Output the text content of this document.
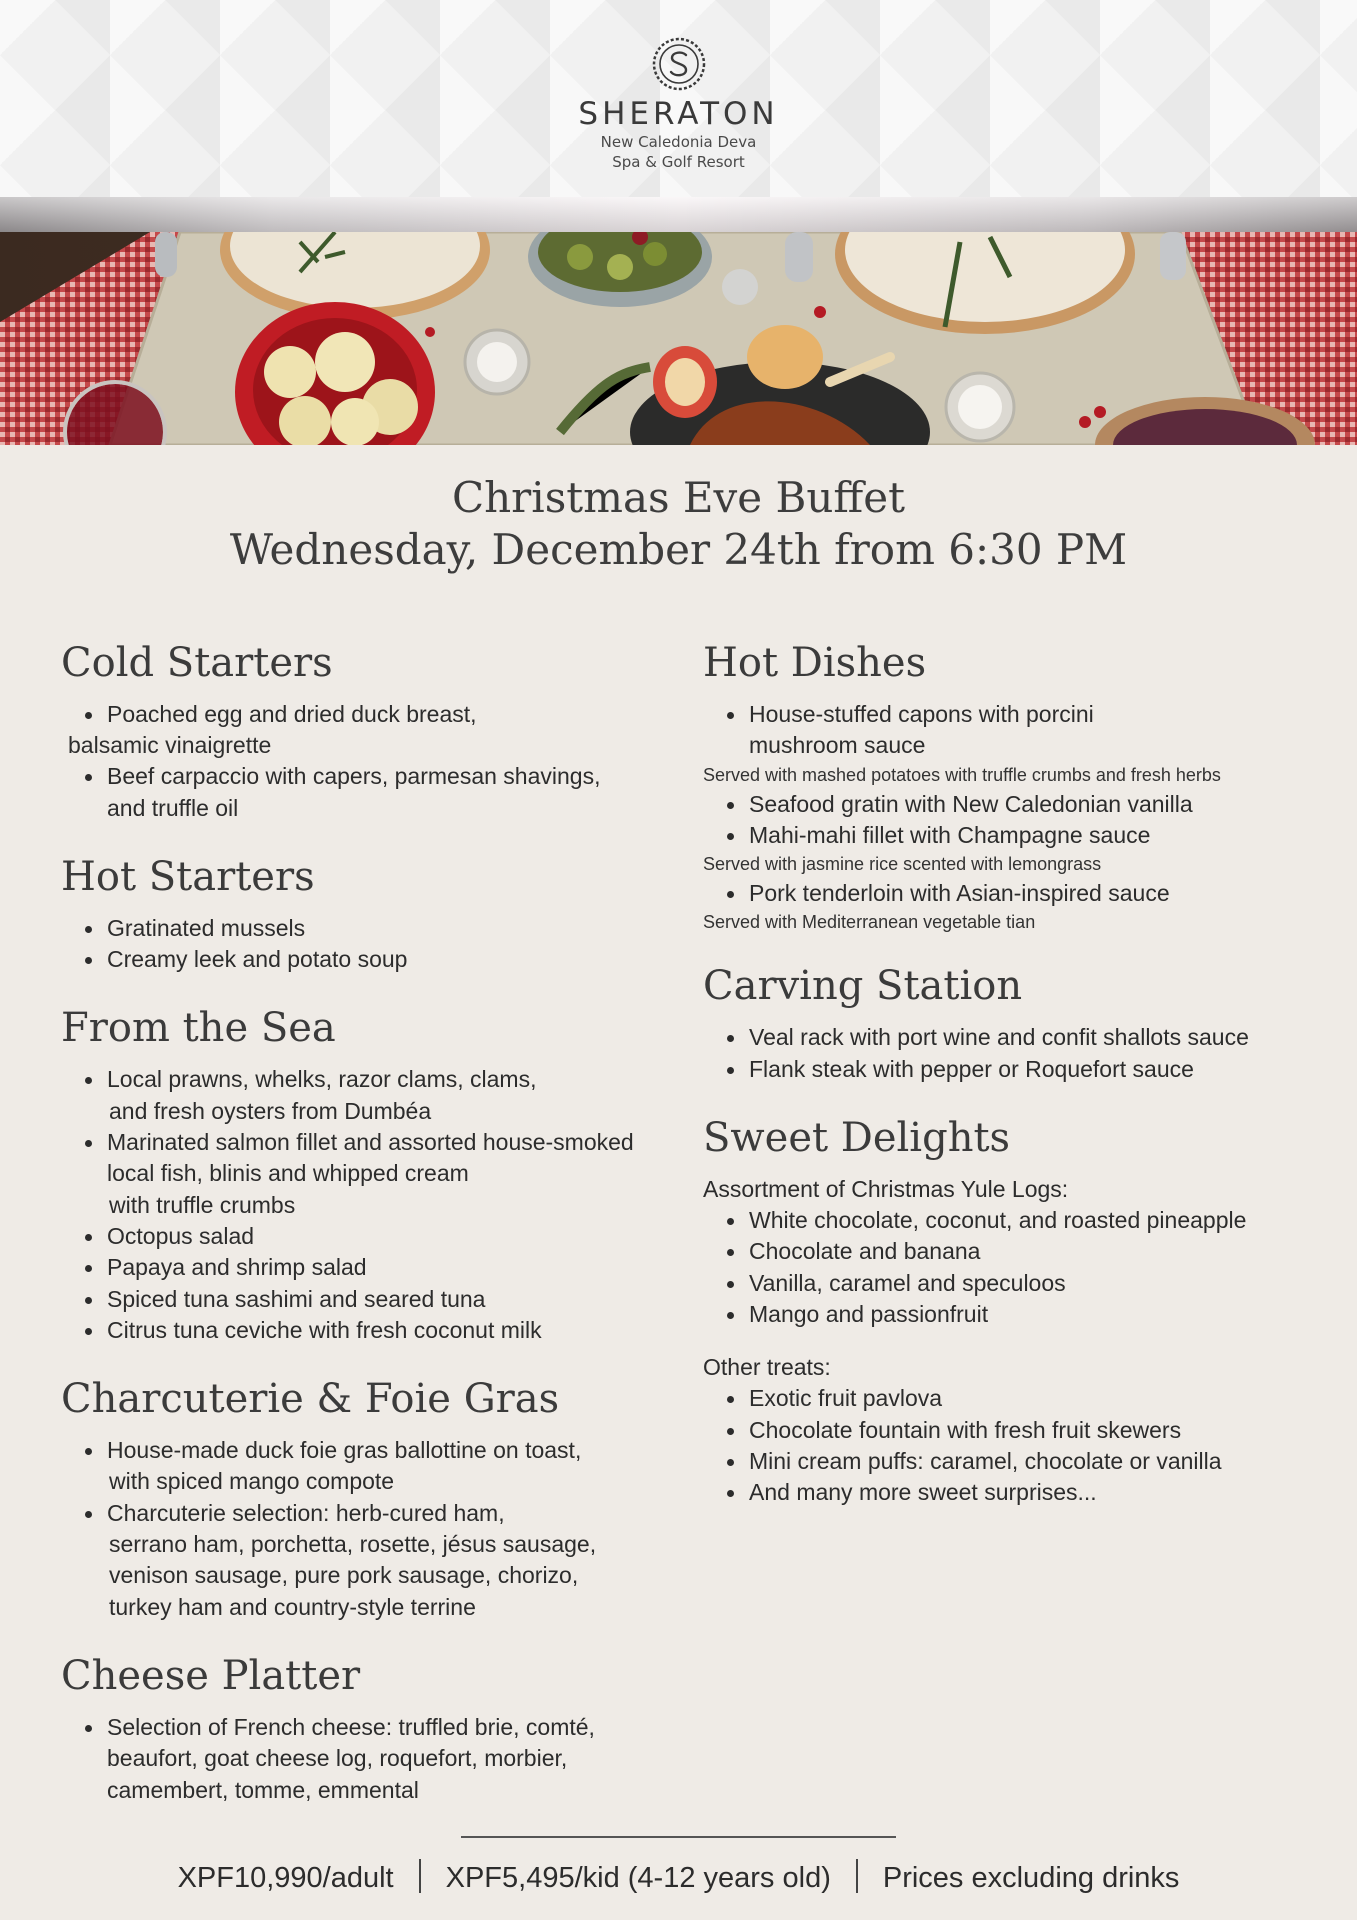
SHERATON
New Caledonia Deva
Spa & Golf Resort
Christmas Eve Buffet
Wednesday, December 24th from 6:30 PM
Cold Starters
Poached egg and dried duck breast,
balsamic vinaigrette
Beef carpaccio with capers, parmesan shavings,
and truffle oil
Hot Starters
Gratinated mussels
Creamy leek and potato soup
From the Sea
Local prawns, whelks, razor clams, clams,
and fresh oysters from Dumbéa
Marinated salmon fillet and assorted house-smoked
local fish, blinis and whipped cream
with truffle crumbs
Octopus salad
Papaya and shrimp salad
Spiced tuna sashimi and seared tuna
Citrus tuna ceviche with fresh coconut milk
Charcuterie & Foie Gras
House-made duck foie gras ballottine on toast,
with spiced mango compote
Charcuterie selection: herb-cured ham,
serrano ham, porchetta, rosette, jésus sausage,
venison sausage, pure pork sausage, chorizo,
turkey ham and country-style terrine
Cheese Platter
Selection of French cheese: truffled brie, comté,
beaufort, goat cheese log, roquefort, morbier,
camembert, tomme, emmental
Hot Dishes
House-stuffed capons with porcini
mushroom sauce
Served with mashed potatoes with truffle crumbs and fresh herbs
Seafood gratin with New Caledonian vanilla
Mahi-mahi fillet with Champagne sauce
Served with jasmine rice scented with lemongrass
Pork tenderloin with Asian-inspired sauce
Served with Mediterranean vegetable tian
Carving Station
Veal rack with port wine and confit shallots sauce
Flank steak with pepper or Roquefort sauce
Sweet Delights
Assortment of Christmas Yule Logs:
White chocolate, coconut, and roasted pineapple
Chocolate and banana
Vanilla, caramel and speculoos
Mango and passionfruit
Other treats:
Exotic fruit pavlova
Chocolate fountain with fresh fruit skewers
Mini cream puffs: caramel, chocolate or vanilla
And many more sweet surprises...
XPF10,990/adult XPF5,495/kid (4-12 years old) Prices excluding drinks
